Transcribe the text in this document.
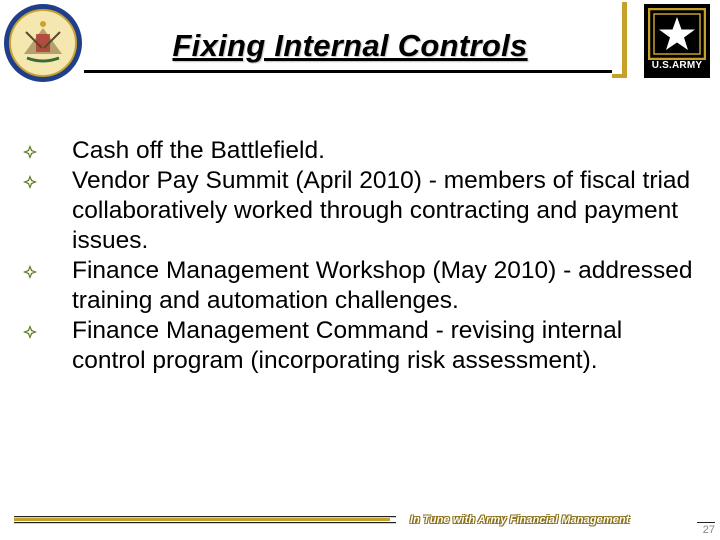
Fixing Internal Controls
U.S.ARMY
Cash off the Battlefield.
Vendor Pay Summit (April 2010) - members of fiscal triad collaboratively worked through contracting and payment issues.
Finance Management Workshop (May 2010) - addressed training and automation challenges.
Finance Management Command - revising internal control program (incorporating risk assessment).
In Tune with Army Financial Management
27
